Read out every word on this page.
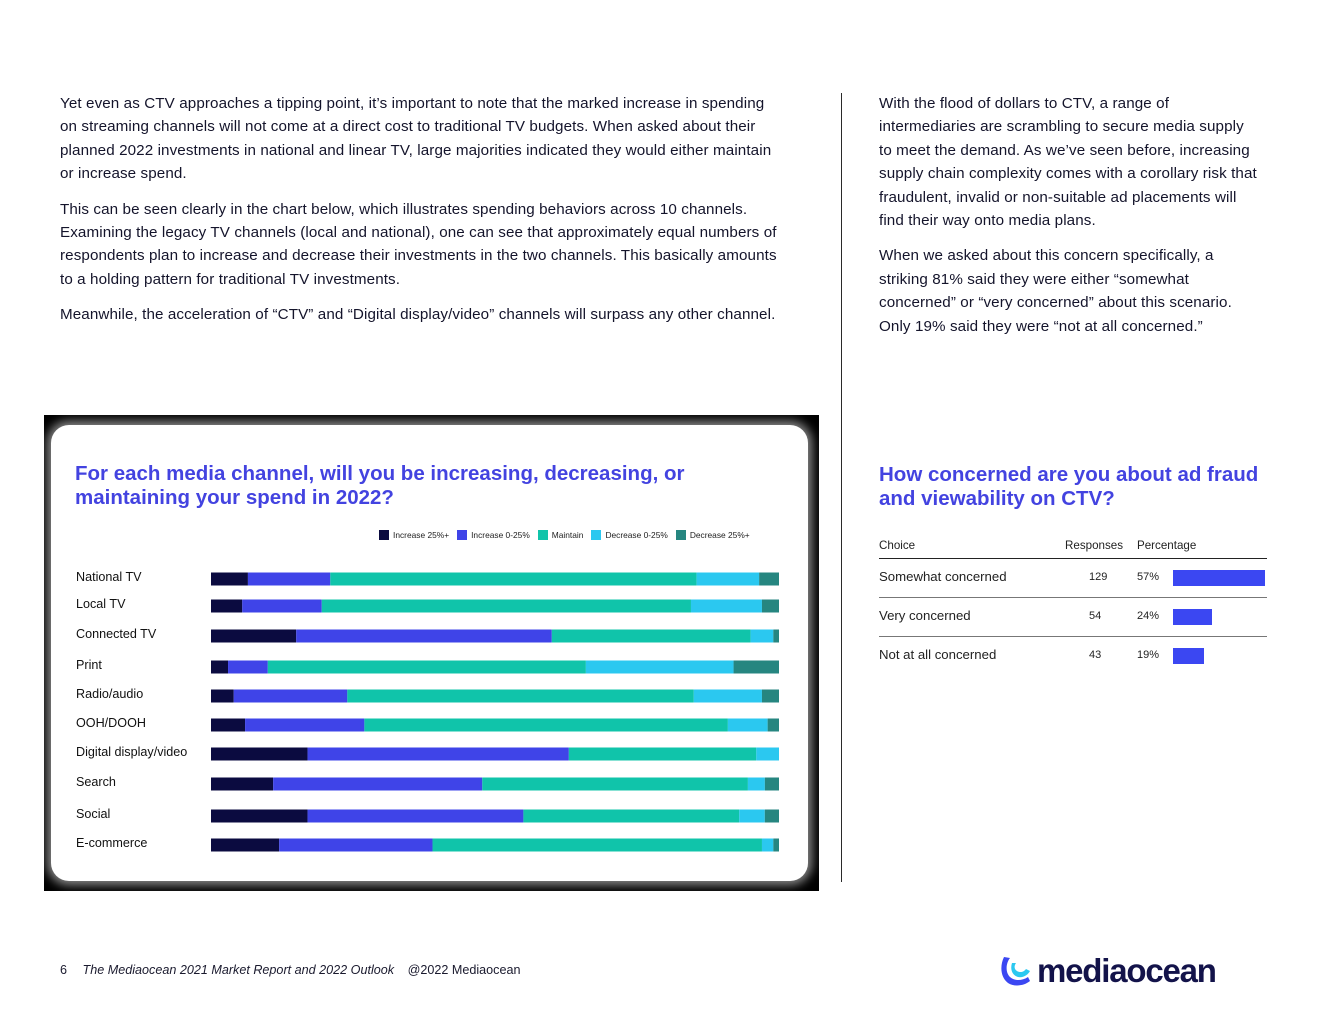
Yet even as CTV approaches a tipping point, it’s important to note that the marked increase in spending on streaming channels will not come at a direct cost to traditional TV budgets. When asked about their planned 2022 investments in national and linear TV, large majorities indicated they would either maintain or increase spend.

This can be seen clearly in the chart below, which illustrates spending behaviors across 10 channels. Examining the legacy TV channels (local and national), one can see that approximately equal numbers of respondents plan to increase and decrease their investments in the two channels. This basically amounts to a holding pattern for traditional TV investments.

Meanwhile, the acceleration of “CTV” and “Digital display/video” channels will surpass any other channel.

With the flood of dollars to CTV, a range of intermediaries are scrambling to secure media supply to meet the demand. As we’ve seen before, increasing supply chain complexity comes with a corollary risk that fraudulent, invalid or non-suitable ad placements will find their way onto media plans.

When we asked about this concern specifically, a striking 81% said they were either “somewhat concerned” or “very concerned” about this scenario. Only 19% said they were “not at all concerned.”

For each media channel, will you be increasing, decreasing, or maintaining your spend in 2022?
Increase 25%+	Increase 0-25%	Maintain	Decrease 0-25%	Decrease 25%+
National TV
Local TV
Connected TV
Print
Radio/audio
OOH/DOOH
Digital display/video
Search
Social
E-commerce
How concerned are you about ad fraud and viewability on CTV?
Choice	Responses Percentage
Somewhat concerned	129	57%
Very concerned	54	24%
Not at all concerned	43	19%
6 The Mediaocean 2021 Market Report and 2022 Outlook @2022 Mediaocean	mediaocean
